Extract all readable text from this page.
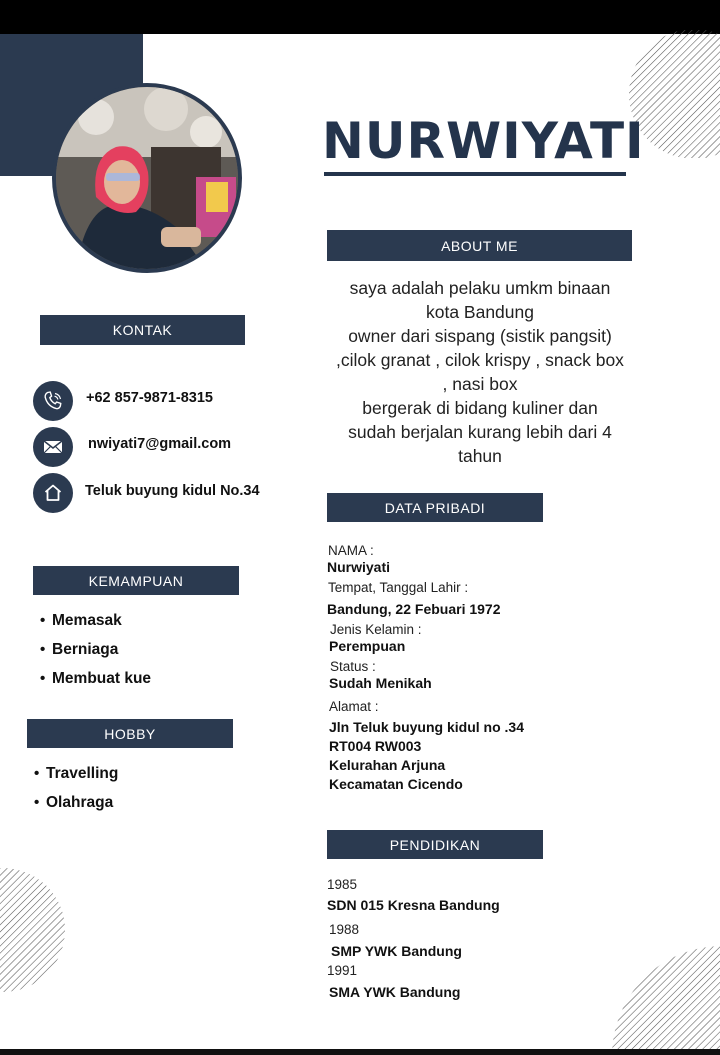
NURWIYATI
ABOUT ME
saya adalah pelaku umkm binaan
kota Bandung
owner dari sispang (sistik pangsit)
,cilok granat , cilok krispy , snack box
, nasi box
bergerak di bidang kuliner dan
sudah berjalan kurang lebih dari 4
tahun
KONTAK
+62 857-9871-8315
nwiyati7@gmail.com
Teluk buyung kidul No.34
KEMAMPUAN
• Memasak
• Berniaga
• Membuat kue
HOBBY
• Travelling
• Olahraga
DATA PRIBADI
NAMA :
Nurwiyati
Tempat, Tanggal Lahir :
Bandung, 22 Febuari 1972
Jenis Kelamin :
Perempuan
Status :
Sudah Menikah
Alamat :
Jln Teluk buyung kidul no .34
RT004 RW003
Kelurahan Arjuna
Kecamatan Cicendo
PENDIDIKAN
1985
SDN 015 Kresna Bandung
1988
SMP YWK Bandung
1991
SMA YWK Bandung
